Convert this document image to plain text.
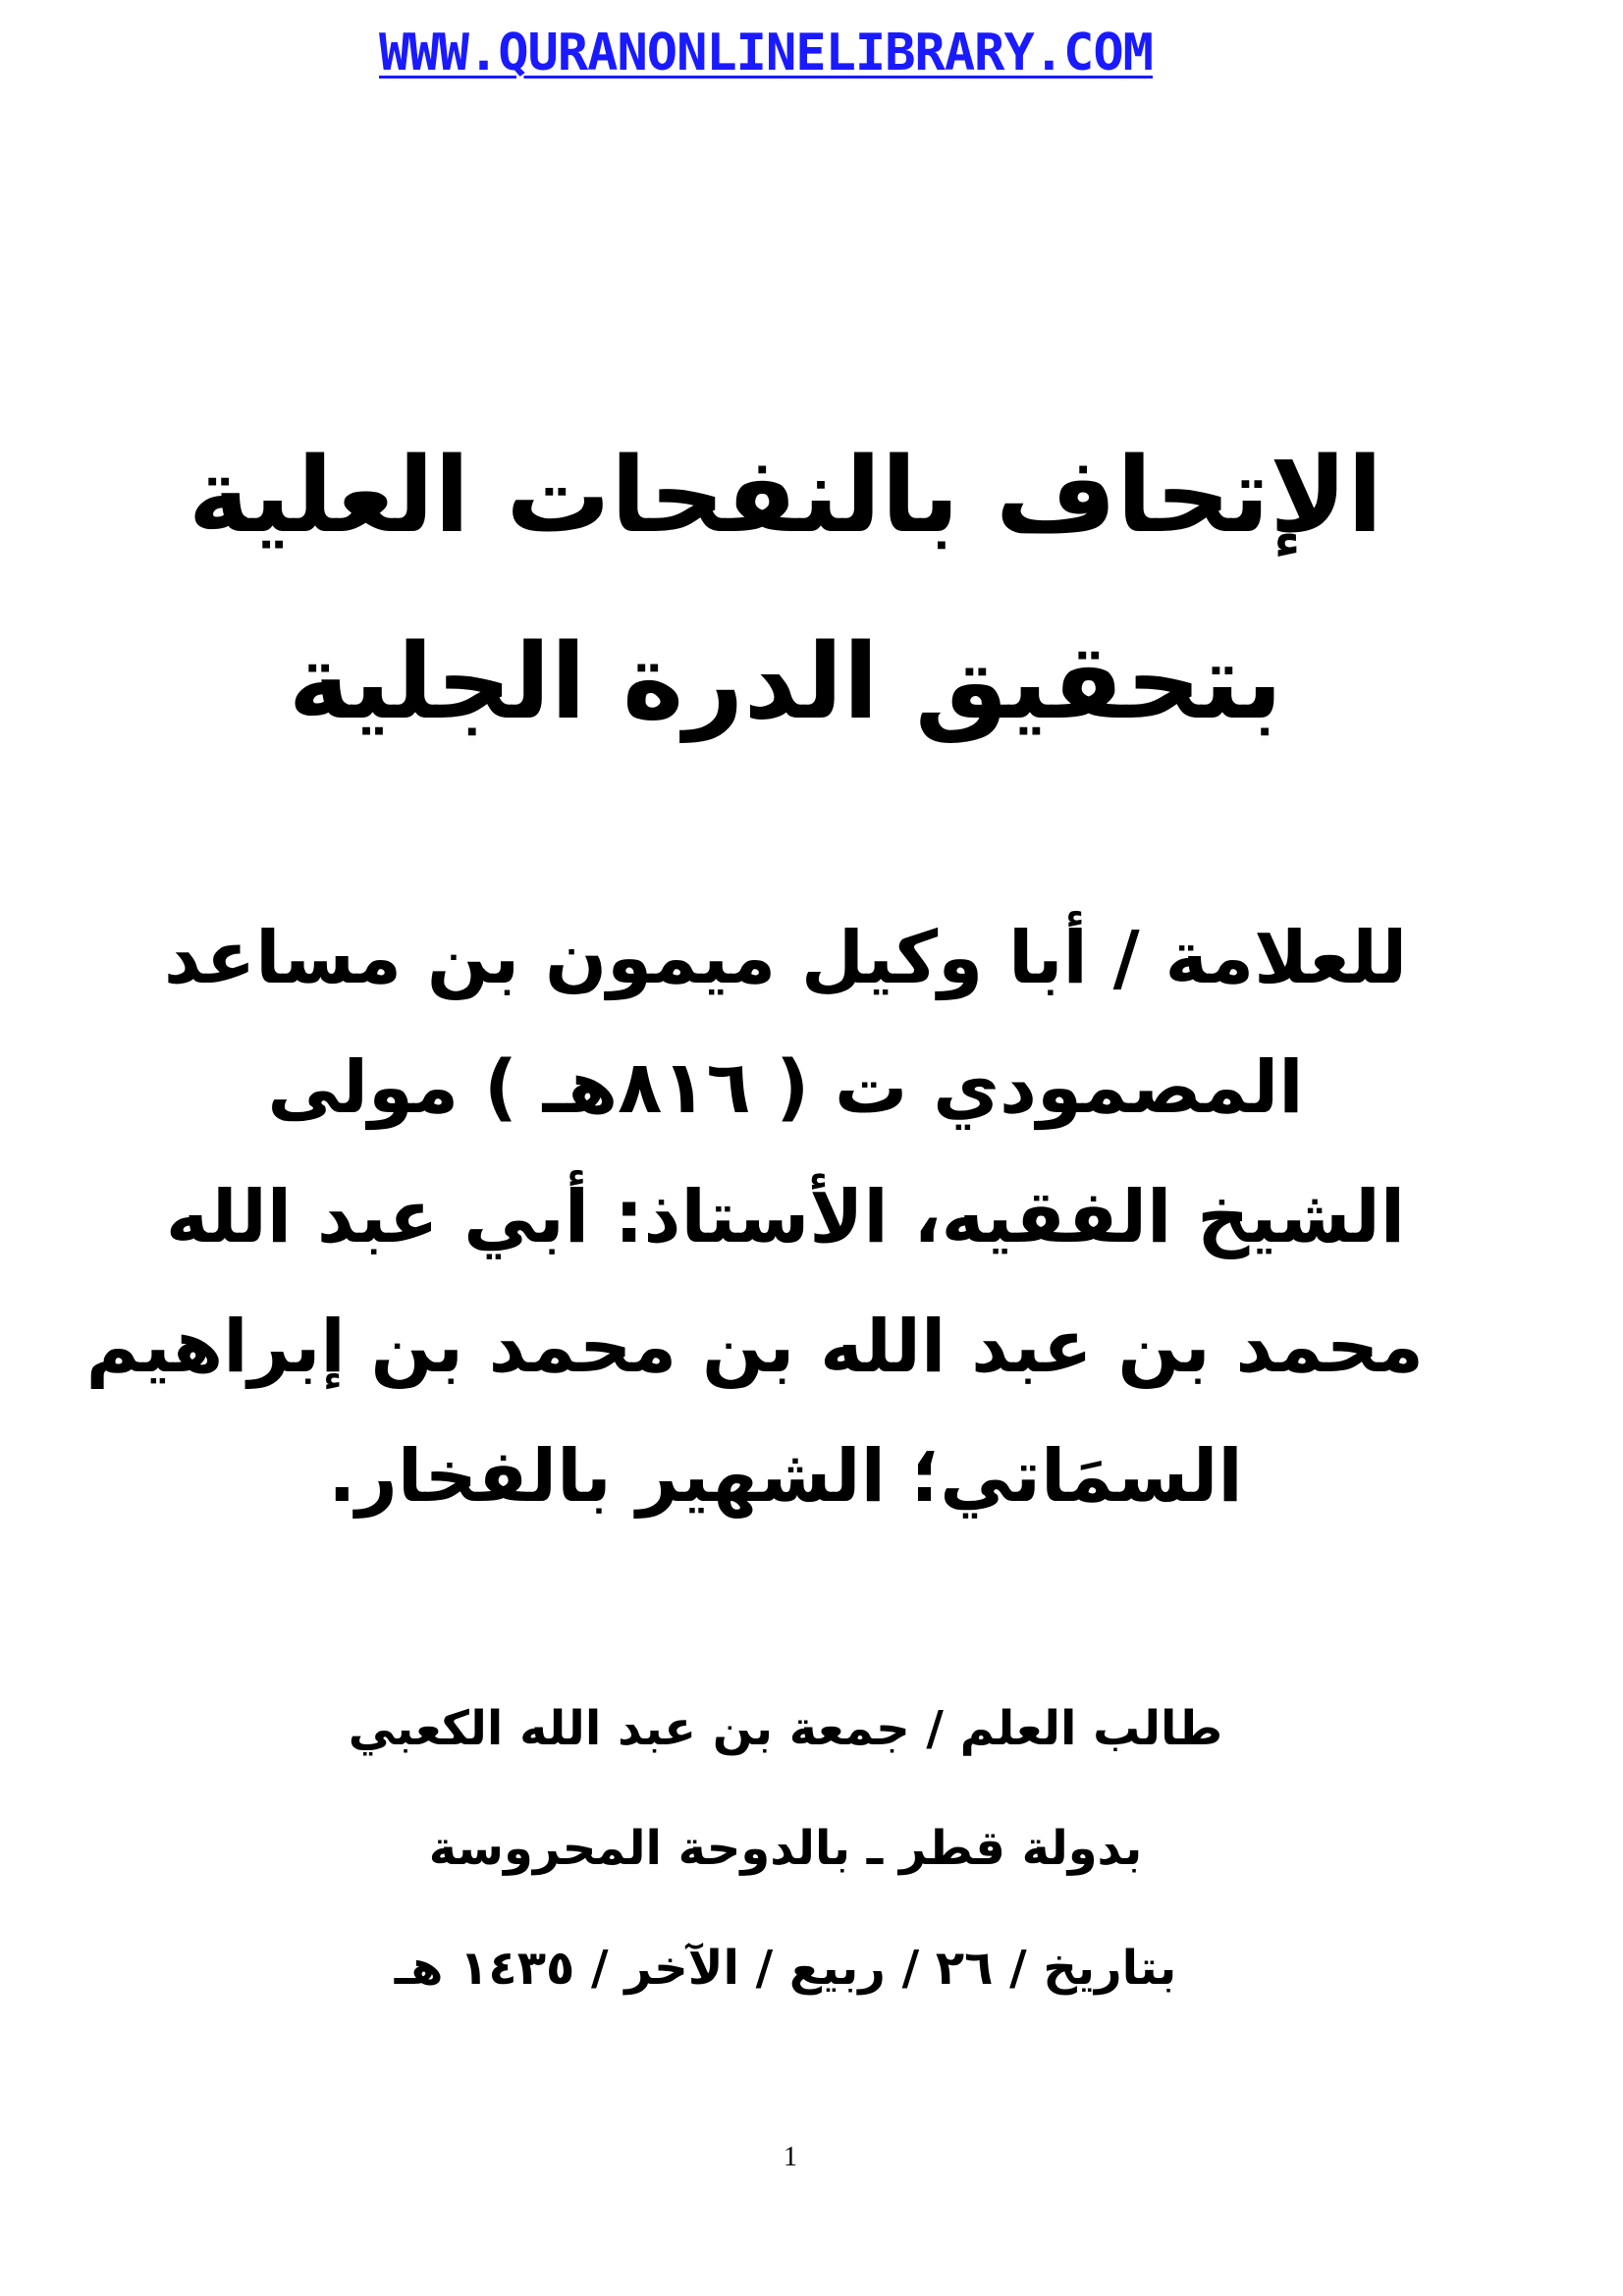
WWW.QURANONLINELIBRARY.COM
الإتحاف بالنفحات العلية
بتحقيق الدرة الجلية
للعلامة / أبا وكيل ميمون بن مساعد
المصمودي ت ( ٨١٦هـ ) مولى
الشيخ الفقيه، الأستاذ: أبي عبد الله
محمد بن عبد الله بن محمد بن إبراهيم
السمَاتي؛ الشهير بالفخار.
طالب العلم / جمعة بن عبد الله الكعبي
بدولة قطر ـ بالدوحة المحروسة
بتاريخ / ٢٦ / ربيع / الآخر / ١٤٣٥ هـ
1
